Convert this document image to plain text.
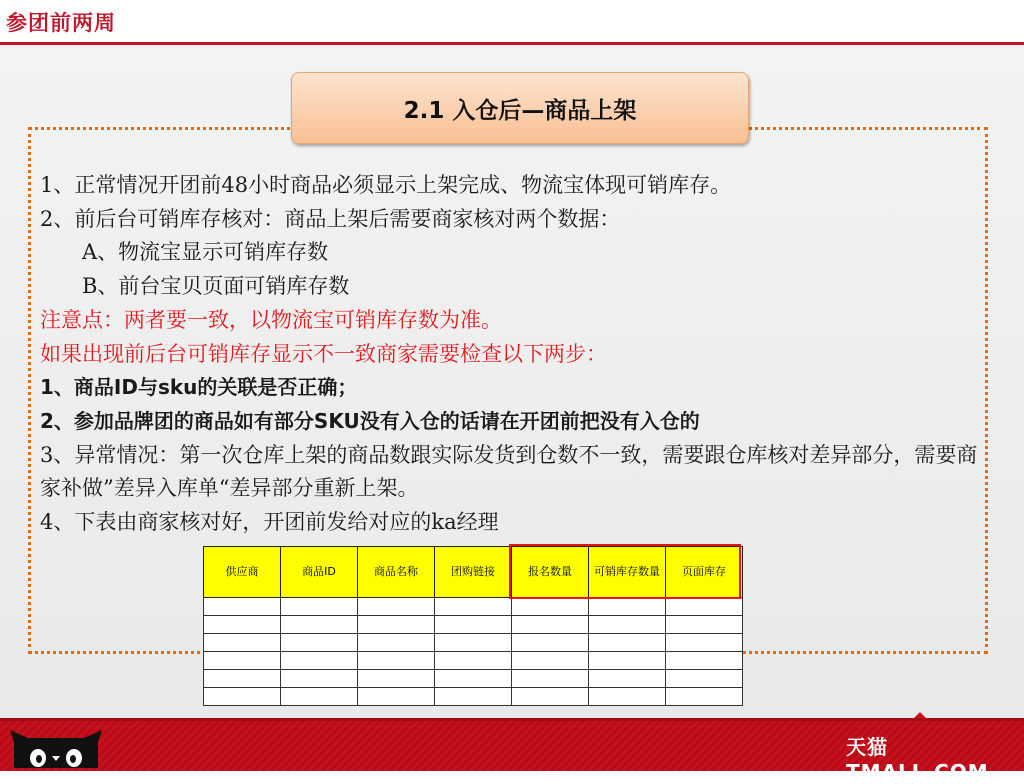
参团前两周
2.1 入仓后—商品上架
1、正常情况开团前48小时商品必须显示上架完成、物流宝体现可销库存。
2、前后台可销库存核对：商品上架后需要商家核对两个数据：
A、物流宝显示可销库存数
B、前台宝贝页面可销库存数
注意点：两者要一致，以物流宝可销库存数为准。
如果出现前后台可销库存显示不一致商家需要检查以下两步：
1、商品ID与sku的关联是否正确；
2、参加品牌团的商品如有部分SKU没有入仓的话请在开团前把没有入仓的
3、异常情况：第一次仓库上架的商品数跟实际发货到仓数不一致，需要跟仓库核对差异部分，需要商家补做”差异入库单“差异部分重新上架。
4、下表由商家核对好，开团前发给对应的ka经理
供应商	商品ID	商品名称	团购链接	报名数量	可销库存数量	页面库存

天猫 TMALL.COM
